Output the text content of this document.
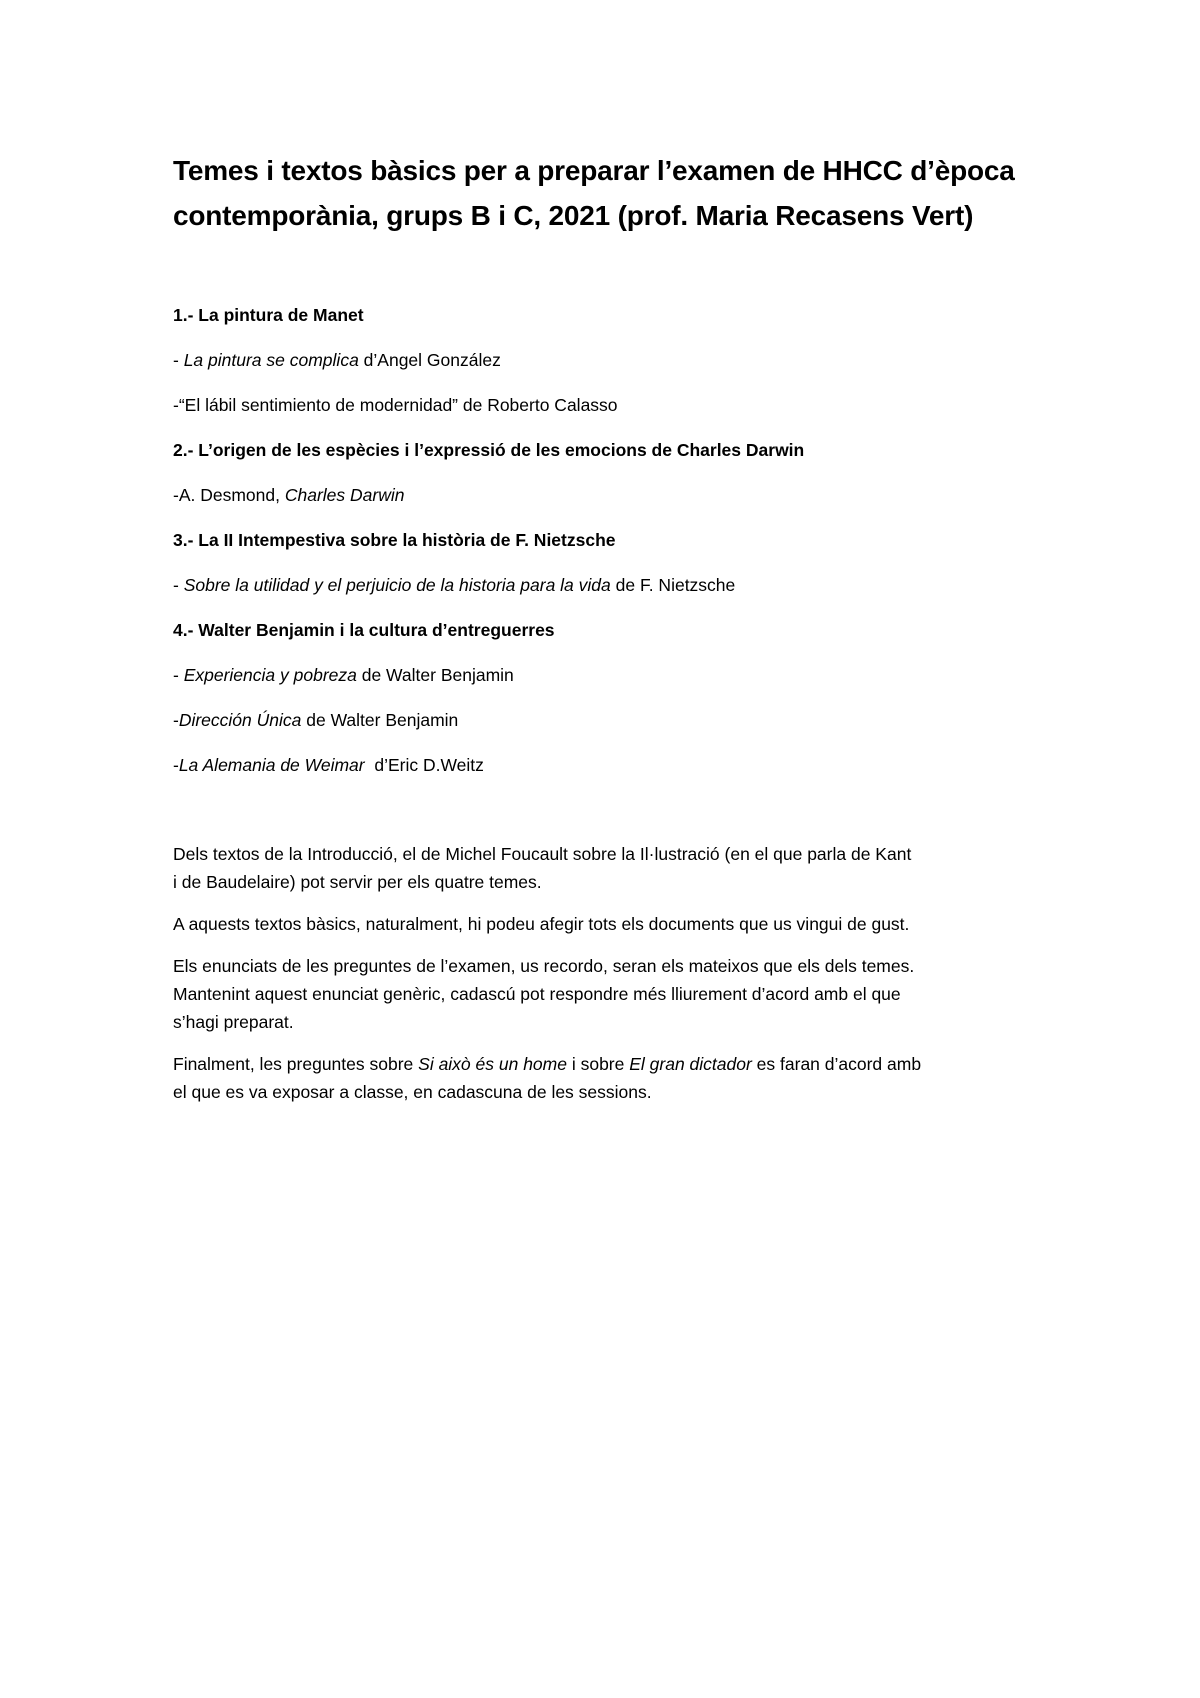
Temes i textos bàsics per a preparar l’examen de HHCC d’època
contemporània, grups B i C, 2021 (prof. Maria Recasens Vert)
1.- La pintura de Manet
- La pintura se complica d’Angel González
-“El lábil sentimiento de modernidad” de Roberto Calasso
2.- L’origen de les espècies i l’expressió de les emocions de Charles Darwin
-A. Desmond, Charles Darwin
3.- La II Intempestiva sobre la història de F. Nietzsche
- Sobre la utilidad y el perjuicio de la historia para la vida de F. Nietzsche
4.- Walter Benjamin i la cultura d’entreguerres
- Experiencia y pobreza de Walter Benjamin
-Dirección Única de Walter Benjamin
-La Alemania de Weimar  d’Eric D.Weitz
Dels textos de la Introducció, el de Michel Foucault sobre la Il·lustració (en el que parla de Kant
i de Baudelaire) pot servir per els quatre temes.
A aquests textos bàsics, naturalment, hi podeu afegir tots els documents que us vingui de gust.
Els enunciats de les preguntes de l’examen, us recordo, seran els mateixos que els dels temes.
Mantenint aquest enunciat genèric, cadascú pot respondre més lliurement d’acord amb el que
s’hagi preparat.
Finalment, les preguntes sobre Si això és un home i sobre El gran dictador es faran d’acord amb
el que es va exposar a classe, en cadascuna de les sessions.
